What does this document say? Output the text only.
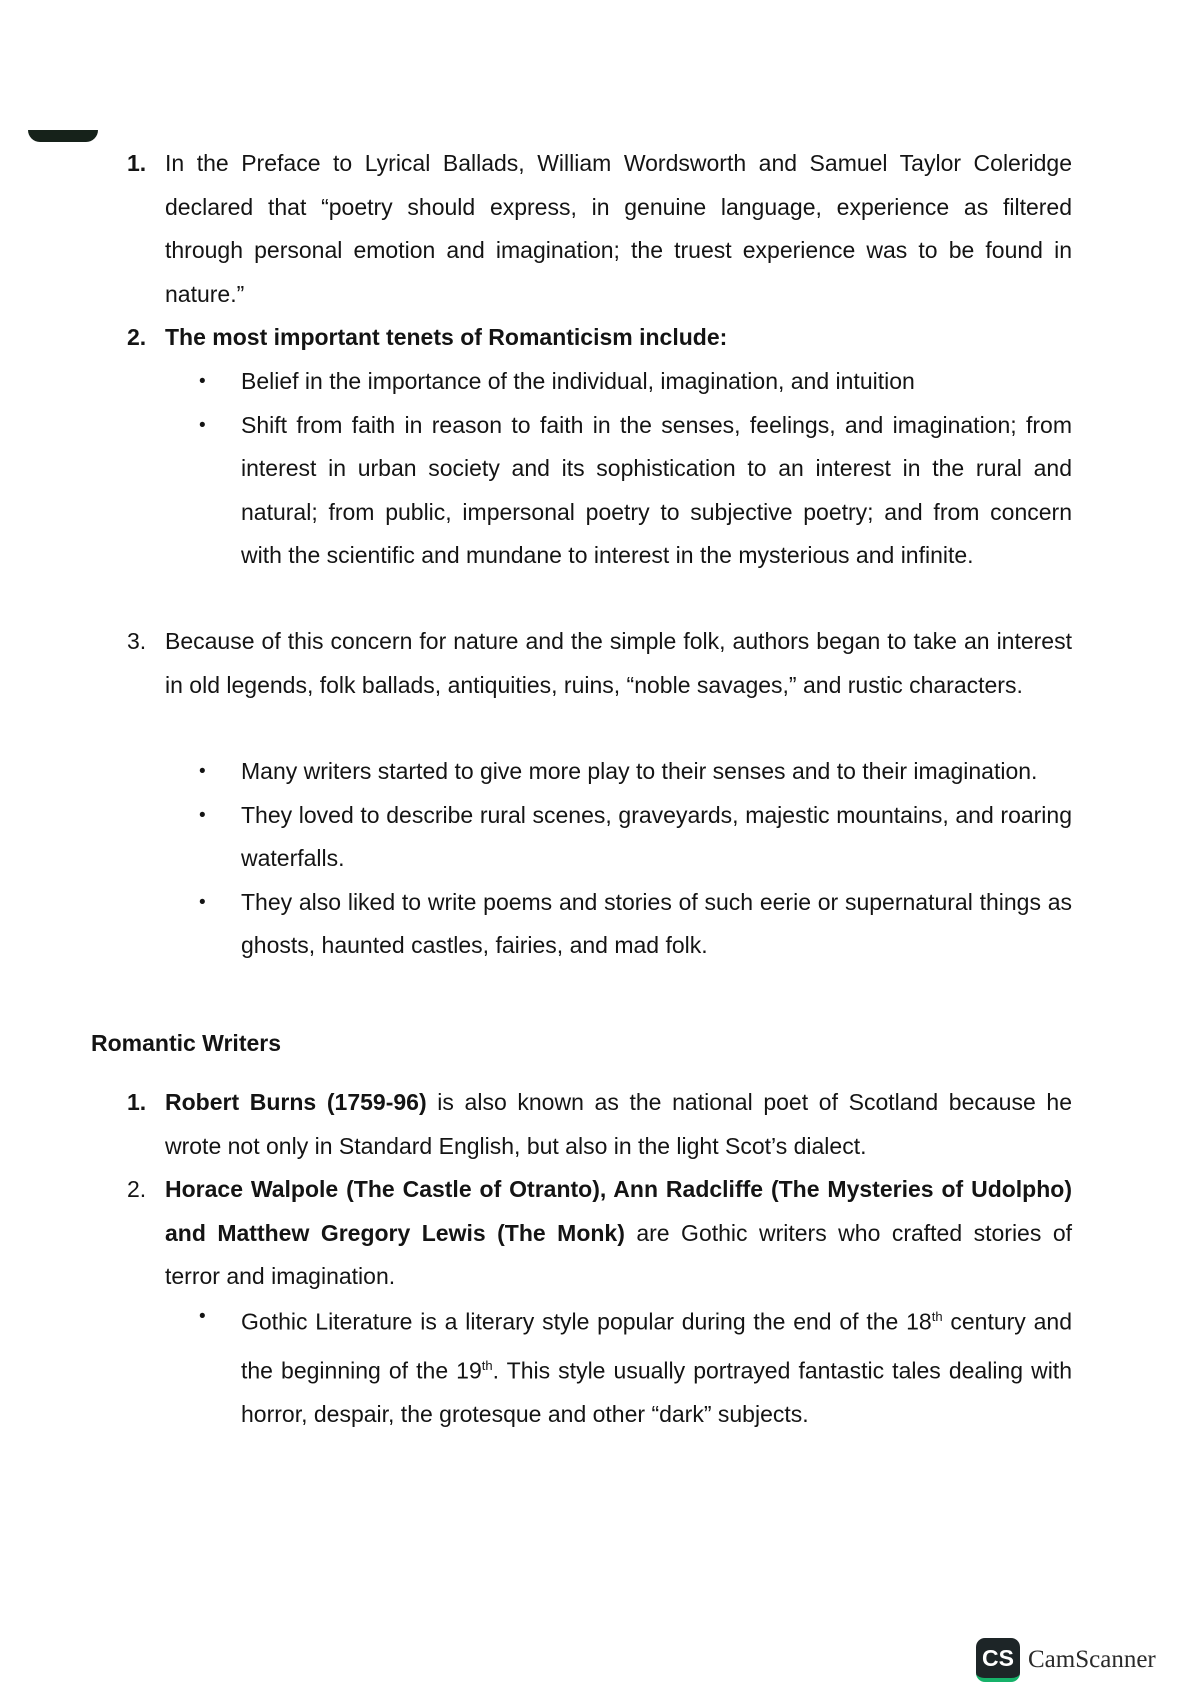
1. In the Preface to Lyrical Ballads, William Wordsworth and Samuel Taylor Coleridge declared that “poetry should express, in genuine language, experience as filtered through personal emotion and imagination; the truest experience was to be found in nature.”
2. The most important tenets of Romanticism include:
• Belief in the importance of the individual, imagination, and intuition
• Shift from faith in reason to faith in the senses, feelings, and imagination; from interest in urban society and its sophistication to an interest in the rural and natural; from public, impersonal poetry to subjective poetry; and from concern with the scientific and mundane to interest in the mysterious and infinite.
3. Because of this concern for nature and the simple folk, authors began to take an interest in old legends, folk ballads, antiquities, ruins, “noble savages,” and rustic characters.
• Many writers started to give more play to their senses and to their imagination.
• They loved to describe rural scenes, graveyards, majestic mountains, and roaring waterfalls.
• They also liked to write poems and stories of such eerie or supernatural things as ghosts, haunted castles, fairies, and mad folk.
Romantic Writers
1. Robert Burns (1759-96) is also known as the national poet of Scotland because he wrote not only in Standard English, but also in the light Scot’s dialect.
2. Horace Walpole (The Castle of Otranto), Ann Radcliffe (The Mysteries of Udolpho) and Matthew Gregory Lewis (The Monk) are Gothic writers who crafted stories of terror and imagination.
• Gothic Literature is a literary style popular during the end of the 18th century and the beginning of the 19th. This style usually portrayed fantastic tales dealing with horror, despair, the grotesque and other “dark” subjects.
CS CamScanner
